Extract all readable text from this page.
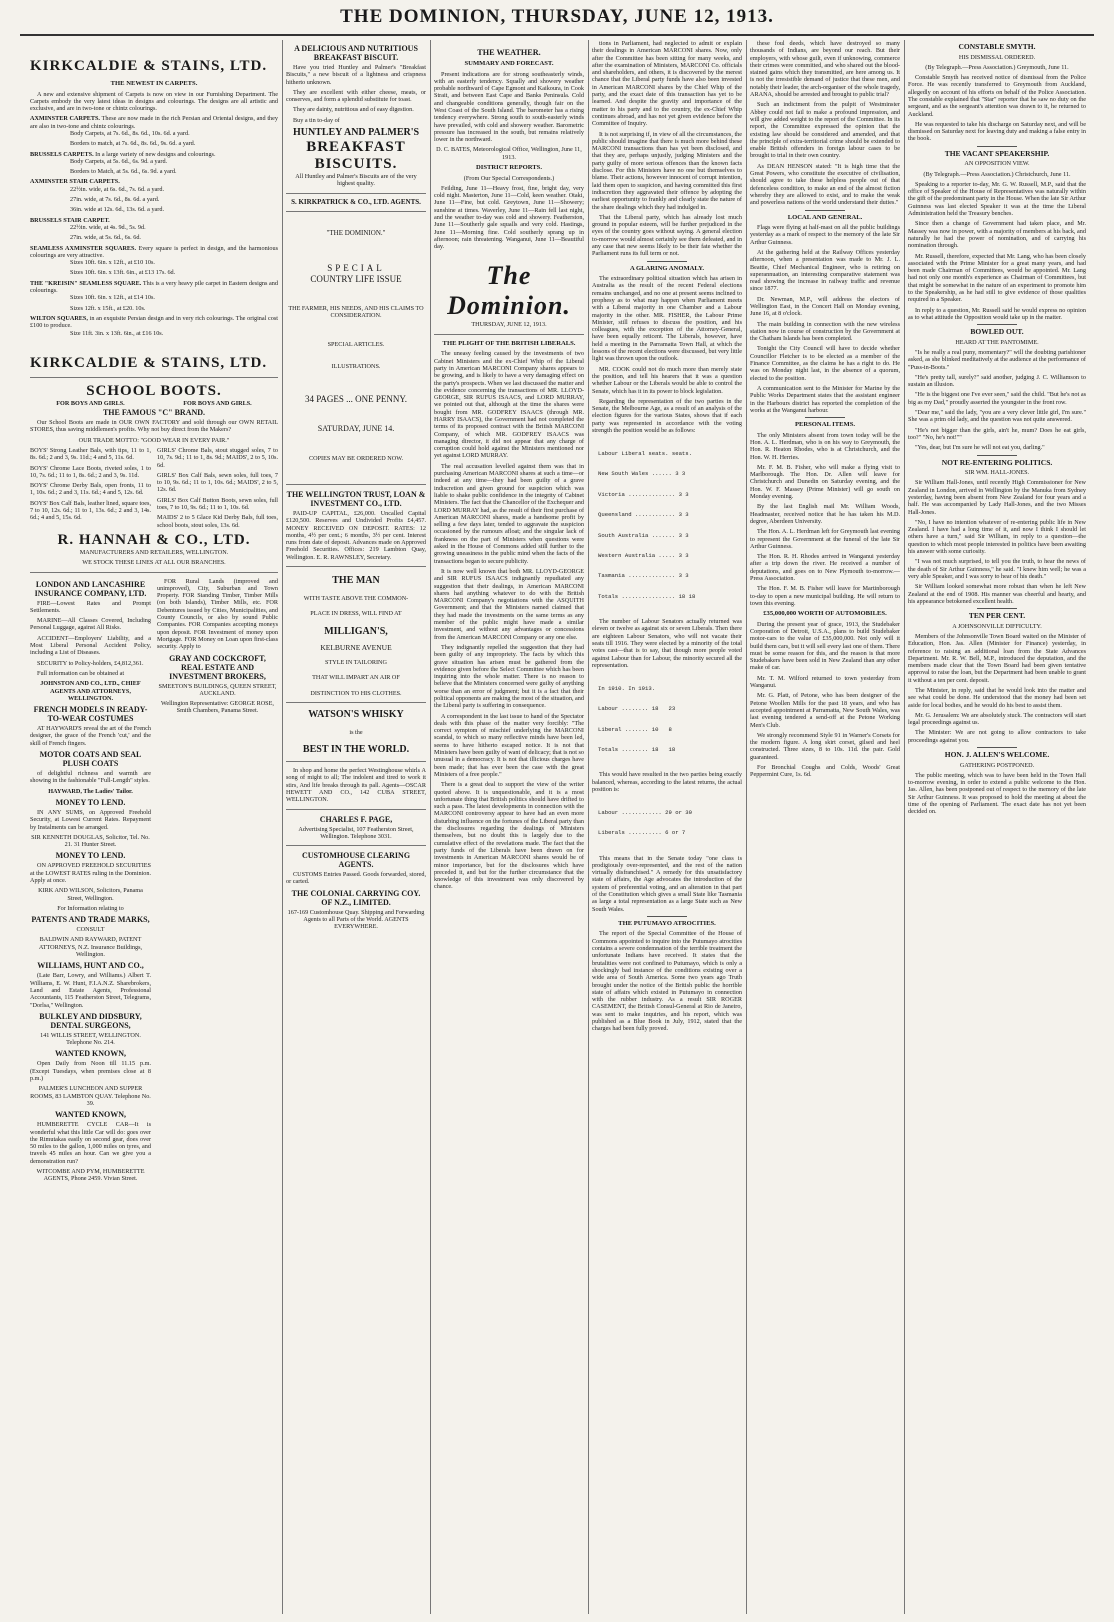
THE DOMINION, THURSDAY, JUNE 12, 1913.
KIRKCALDIE & STAINS, LTD.
THE NEWEST IN CARPETS.

A new and extensive shipment of Carpets is now on view in our Furnishing Department. The Carpets embody the very latest ideas in designs and colourings. The designs are all artistic and exclusive, and are in two-tone or chintz colourings.

AXMINSTER CARPETS. These are now made in the rich Persian and Oriental designs, and they are also in two-tone and chintz colourings.

Body Carpets, at 7s. 6d., 8s. 6d., 10s. 6d. a yard.

Borders to match, at 7s. 6d., 8s. 6d., 9s. 6d. a yard.

BRUSSELS CARPETS. In a large variety of new designs and colourings.

Body Carpets, at 5s. 6d., 6s. 9d. a yard.

Borders to Match, at 5s. 6d., 6s. 9d. a yard.

AXMINSTER STAIR CARPETS.

22½in. wide, at 6s. 6d., 7s. 6d. a yard.

27in. wide, at 7s. 6d., 8s. 6d. a yard.

36in. wide at 12s. 6d., 13s. 6d. a yard.

BRUSSELS STAIR CARPET.

22½in. wide, at 4s. 9d., 5s. 9d.

27in. wide, at 5s. 6d., 6s. 6d.

SEAMLESS AXMINSTER SQUARES. Every square is perfect in design, and the harmonious colourings are very attractive.

Sizes 10ft. 6in. x 12ft., at £10 10s.

Sizes 10ft. 6in. x 13ft. 6in., at £13 17s. 6d.

THE "KREISIN" SEAMLESS SQUARE. This is a very heavy pile carpet in Eastern designs and colourings.

Sizes 10ft. 6in. x 12ft., at £14 10s.

Sizes 12ft. x 15ft., at £20. 10s.

WILTON SQUARES, in an exquisite Persian design and in very rich colourings. The original cost £100 to produce.

Size 11ft. 3in. x 13ft. 6in., at £16 10s.

KIRKCALDIE & STAINS, LTD.
SCHOOL BOOTS.
FOR BOYS AND GIRLS.	FOR BOYS AND GIRLS.
THE FAMOUS "C" BRAND.

Our School Boots are made in OUR OWN FACTORY and sold through our OWN RETAIL STORES, thus saving middlemen's profits. Why not buy direct from the Makers?

OUR TRADE MOTTO: "GOOD WEAR IN EVERY PAIR."

BOYS' Strong Leather Bals, with tips, 11 to 1, 8s. 6d.; 2 and 3, 9s. 11d.; 4 and 5, 11s. 6d.

BOYS' Chrome Lace Boots, riveted soles, 1 to 10, 7s. 6d.; 11 to 1, 8s. 6d.; 2 and 3, 9s. 11d.

BOYS' Chrome Derby Bals, open fronts, 11 to 1, 10s. 6d.; 2 and 3, 11s. 6d.; 4 and 5, 12s. 6d.

BOYS' Box Calf Bals, leather lined, square toes, 7 to 10, 12s. 6d.; 11 to 1, 13s. 6d.; 2 and 3, 14s. 6d.; 4 and 5, 15s. 6d.

GIRLS' Chrome Bals, stout stugged soles, 7 to 10, 7s. 9d.; 11 to 1, 8s. 9d.; MAIDS', 2 to 5, 10s. 6d.

GIRLS' Box Calf Bals, sewn soles, full toes, 7 to 10, 9s. 6d.; 11 to 1, 10s. 6d.; MAIDS', 2 to 5, 12s. 6d.

GIRLS' Box Calf Button Boots, sewn soles, full toes, 7 to 10, 9s. 6d.; 11 to 1, 10s. 6d.

MAIDS' 2 to 5 Glace Kid Derby Bals, full toes, school boots, stout soles, 13s. 6d.

R. HANNAH & CO., LTD.

MANUFACTURERS AND RETAILERS, WELLINGTON.

WE STOCK THESE LINES AT ALL OUR BRANCHES.

LONDON AND LANCASHIRE INSURANCE COMPANY, LTD.

FIRE—Lowest Rates and Prompt Settlements.

MARINE—All Classes Covered, Including Personal Luggage, against All Risks.

ACCIDENT—Employers' Liability, and a Most Liberal Personal Accident Policy, including a List of Diseases.

SECURITY to Policy-holders, £4,812,361.

Full information can be obtained at

JOHNSTON AND CO., LTD., CHIEF AGENTS AND ATTORNEYS, WELLINGTON.

FRENCH MODELS IN READY-TO-WEAR COSTUMES

AT HAYWARD'S reveal the art of the French designer, the grace of the French 'cut,' and the skill of French fingers.

MOTOR COATS AND SEAL PLUSH COATS

of delightful richness and warmth are showing in the fashionable "Full-Length" styles.

HAYWARD, The Ladies' Tailor.

MONEY TO LEND.

IN ANY SUMS, on Approved Freehold Security, at Lowest Current Rates. Repayment by Instalments can be arranged.

SIR KENNETH DOUGLAS, Solicitor, Tel. No. 21. 31 Hunter Street.

MONEY TO LEND.

ON APPROVED FREEHOLD SECURITIES at the LOWEST RATES ruling in the Dominion. Apply at once.

KIRK AND WILSON, Solicitors, Panama Street, Wellington.

For Information relating to

PATENTS AND TRADE MARKS,

CONSULT

BALDWIN AND RAYWARD, PATENT ATTORNEYS, N.Z. Insurance Buildings, Wellington.

WILLIAMS, HUNT AND CO.,

(Late Barr, Lowry, and Williams.) Albert T. Williams, E. W. Hunt, F.I.A.N.Z. Sharebrokers, Land and Estate Agents, Professional Accountants, 115 Featherston Street, Telegrams, "Dorlsa," Wellington.

BULKLEY AND DIDSBURY, DENTAL SURGEONS,

141 WILLIS STREET, WELLINGTON. Telephone No. 214.

WANTED KNOWN,

Open Daily from Noon till 11.15 p.m. (Except Tuesdays, when premises close at 8 p.m.)

PALMER'S LUNCHEON AND SUPPER ROOMS, 83 LAMBTON QUAY. Telephone No. 39.

WANTED KNOWN,

HUMBERETTE CYCLE CAR—It is wonderful what this little Car will do: goes over the Rimutakas easily on second gear, does over 50 miles to the gallon, 1,000 miles on tyres, and travels 45 miles an hour. Can we give you a demonstration run?

WITCOMBE AND PYM, HUMBERETTE AGENTS, Phone 2459. Vivian Street.

FOR Rural Lands (improved and unimproved), City, Suburban and Town Property. FOR Standing Timber, Timber Mills (on both Islands), Timber Mills, etc. FOR Debentures issued by Cities, Municipalities, and County Councils, or also by sound Public Companies. FOR Companies accepting moneys upon deposit. FOR Investment of money upon Mortgage. FOR Money on Loan upon first-class security. Apply to

GRAY AND COCKCROFT, REAL ESTATE AND INVESTMENT BROKERS,

SMEETON'S BUILDINGS, QUEEN STREET, AUCKLAND.

Wellington Representative: GEORGE ROSE, Smith Chambers, Panama Street.

A DELICIOUS AND NUTRITIOUS BREAKFAST BISCUIT.

Have you tried Huntley and Palmer's "Breakfast Biscuits," a new biscuit of a lightness and crispness hitherto unknown.

They are excellent with either cheese, meats, or conserves, and form a splendid substitute for toast.

They are dainty, nutritious and of easy digestion.

Buy a tin to-day of

HUNTLEY AND PALMER'S
BREAKFAST BISCUITS.

All Huntley and Palmer's Biscuits are of the very highest quality.

S. KIRKPATRICK & CO., LTD. AGENTS.

"THE DOMINION."

SPECIAL

COUNTRY LIFE ISSUE

THE FARMER, HIS NEEDS, AND HIS CLAIMS TO CONSIDERATION.

SPECIAL ARTICLES.

ILLUSTRATIONS.

34 PAGES ... ONE PENNY.

SATURDAY, JUNE 14.

COPIES MAY BE ORDERED NOW.

THE WELLINGTON TRUST, LOAN & INVESTMENT CO., LTD.

PAID-UP CAPITAL, £26,000. Uncalled Capital £120,500. Reserves and Undivided Profits £4,457. MONEY RECEIVED ON DEPOSIT. RATES: 12 months, 4½ per cent.; 6 months, 3½ per cent. Interest runs from date of deposit. Advances made on Approved Freehold Securities. Offices: 219 Lambton Quay, Wellington. E. R. RAWNSLEY, Secretary.

THE MAN

WITH TASTE ABOVE THE COMMON-

PLACE IN DRESS, WILL FIND AT

MILLIGAN'S,

KELBURNE AVENUE

STYLE IN TAILORING

THAT WILL IMPART AN AIR OF

DISTINCTION TO HIS CLOTHES.

WATSON'S WHISKY

is the

BEST IN THE WORLD.

In shop and home the perfect Westinghouse whirls A song of might to all; The indolent and tired to work it stirs, And life breaks through its pall. Agents—OSCAR HEWETT AND CO., 142 CUBA STREET, WELLINGTON.

CHARLES F. PAGE,

Advertising Specialist, 107 Featherston Street, Wellington. Telephone 3031.

CUSTOMHOUSE CLEARING AGENTS.

CUSTOMS Entries Passed. Goods forwarded, stored, or carted.

THE COLONIAL CARRYING COY. OF N.Z., LIMITED.

167-169 Customhouse Quay. Shipping and Forwarding Agents to all Parts of the World. AGENTS EVERYWHERE.

THE WEATHER.
SUMMARY AND FORECAST.

Present indications are for strong southeasterly winds, with an easterly tendency. Squally and showery weather probable northward of Cape Egmont and Kaikoura, in Cook Strait, and between East Cape and Banks Peninsula. Cold and changeable conditions generally, though fair on the West Coast of the South Island. The barometer has a rising tendency everywhere. Strong south to south-easterly winds have prevailed, with cold and showery weather. Barometric pressure has increased in the south, but remains relatively lower in the northward.

D. C. BATES, Meteorological Office, Wellington, June 11, 1913.

DISTRICT REPORTS.

(From Our Special Correspondents.)

Feilding, June 11—Heavy frost, fine, bright day, very cold night. Masterton, June 11—Cold, keen weather. Otaki, June 11—Fine, but cold. Greytown, June 11—Showery; sunshine at times. Waverley, June 11—Rain fell last night, and the weather to-day was cold and showery. Featherston, June 11—Southerly gale squalls and very cold. Hastings, June 11—Morning fine. Cold southerly sprang up in afternoon; rain threatening. Wanganui, June 11—Beautiful day.

The Dominion.

THURSDAY, JUNE 12, 1913.

THE PLIGHT OF THE BRITISH LIBERALS.

The uneasy feeling caused by the investments of two Cabinet Ministers and the ex-Chief Whip of the Liberal party in American MARCONI Company shares appears to be growing, and is likely to have a very damaging effect on the party's prospects. When we last discussed the matter and the evidence concerning the transactions of MR. LLOYD-GEORGE, SIR RUFUS ISAACS, and LORD MURRAY, we pointed out that, although at the time the shares were bought from MR. GODFREY ISAACS (through MR. HARRY ISAACS), the Government had not completed the terms of its proposed contract with the British MARCONI Company, of which MR. GODFREY ISAACS was managing director, it did not appear that any charge of corruption could hold against the Ministers mentioned nor yet against LORD MURRAY.

The real accusation levelled against them was that in purchasing American MARCONI shares at such a time—or indeed at any time—they had been guilty of a grave indiscretion and given ground for suspicion which was liable to shake public confidence in the integrity of Cabinet Ministers. The fact that the Chancellor of the Exchequer and LORD MURRAY had, as the result of their first purchase of American MARCONI shares, made a handsome profit by selling a few days later, tended to aggravate the suspicion occasioned by the rumours afloat; and the singular lack of frankness on the part of Ministers when questions were asked in the House of Commons added still further to the growing uneasiness in the public mind when the facts of the transactions began to secure publicity.

It is now well known that both MR. LLOYD-GEORGE and SIR RUFUS ISAACS indignantly repudiated any suggestion that their dealings, in American MARCONI shares had anything whatever to do with the British MARCONI Company's negotiations with the ASQUITH Government; and that the Ministers named claimed that they had made the investments on the same terms as any member of the public might have made a similar investment, and without any advantages or concessions from the American MARCONI Company or any one else.

They indignantly repelled the suggestion that they had been guilty of any impropriety. The facts by which this grave situation has arisen must be gathered from the evidence given before the Select Committee which has been inquiring into the whole matter. There is no reason to believe that the Ministers concerned were guilty of anything worse than an error of judgment; but it is a fact that their political opponents are making the most of the situation, and the Liberal party is suffering in consequence.

A correspondent in the last issue to hand of the Spectator deals with this phase of the matter very forcibly: "The correct symptom of mischief underlying the MARCONI scandal, to which so many reflective minds have been led, seems to have hitherto escaped notice. It is not that Ministers have been guilty of want of delicacy; that is not so unusual in a democracy. It is not that illicious charges have been made; that has ever been the case with the great Ministers of a free people."

There is a great deal to support the view of the writer quoted above. It is unquestionable, and it is a most unfortunate thing that British politics should have drifted to such a pass. The latest developments in connection with the MARCONI controversy appear to have had an even more disturbing influence on the fortunes of the Liberal party than the disclosures regarding the dealings of Ministers themselves, but no doubt this is largely due to the cumulative effect of the revelations made. The fact that the party funds of the Liberals have been drawn on for investments in American MARCONI shares would be of minor importance, but for the disclosures which have preceded it, and but for the further circumstance that the knowledge of this investment was only discovered by chance.

tions in Parliament, had neglected to admit or explain their dealings in American MARCONI shares. Now, only after the Committee has been sitting for many weeks, and after the examination of Ministers, MARCONI Co. officials and shareholders, and others, it is discovered by the merest chance that the Liberal party funds have also been invested in American MARCONI shares by the Chief Whip of the party, and the exact date of this transaction has yet to be learned. And despite the gravity and importance of the matter to his party and to the country, the ex-Chief Whip continues abroad, and has not yet given evidence before the Committee of Inquiry.

It is not surprising if, in view of all the circumstances, the public should imagine that there is much more behind these MARCONI transactions than has yet been disclosed, and that they are, perhaps unjustly, judging Ministers and the party guilty of more serious offences than the known facts disclose. For this Ministers have no one but themselves to blame. Their actions, however innocent of corrupt intention, laid them open to suspicion, and having committed this first indiscretion they aggravated their offence by adopting the earliest opportunity to frankly and clearly state the nature of the share dealings which they had indulged in.

That the Liberal party, which has already lost much ground in popular esteem, will be further prejudiced in the eyes of the country goes without saying. A general election to-morrow would almost certainly see them defeated, and in any case that new seems likely to be their fate whether the Parliament runs its full term or not.

A GLARING ANOMALY.

The extraordinary political situation which has arisen in Australia as the result of the recent Federal elections remains unchanged, and no one at present seems inclined to prophesy as to what may happen when Parliament meets with a Liberal majority in one Chamber and a Labour majority in the other. MR. FISHER, the Labour Prime Minister, still refuses to discuss the position, and his colleagues, with the exception of the Attorney-General, have been equally reticent. The Liberals, however, have held a meeting in the Parramatta Town Hall, at which the lessons of the recent elections were discussed, but very little light was thrown upon the outlook.

MR. COOK could not do much more than merely state the position, and tell his hearers that it was a question whether Labour or the Liberals would be able to control the Senate, which has it in its power to block legislation.

Regarding the representation of the two parties in the Senate, the Melbourne Age, as a result of an analysis of the election figures for the various States, shows that if each party was represented in accordance with the voting strength the position would be as follows:

Labour Liberal seats. seats.

New South Wales ...... 3 3

Victoria .............. 3 3

Queensland ............ 3 3

South Australia ....... 3 3

Western Australia ..... 3 3

Tasmania .............. 3 3

Totals ................ 18 18

The number of Labour Senators actually returned was eleven or twelve as against six or seven Liberals. Then there are eighteen Labour Senators, who will not vacate their seats till 1916. They were elected by a minority of the total votes cast—that is to say, that though more people voted against Labour than for Labour, the minority secured all the representation.

In 1910. In 1913.

Labour ........ 18   23

Liberal ....... 10   8

Totals ........ 18   18

This would have resulted in the two parties being exactly balanced, whereas, according to the latest returns, the actual position is:

Labour ............ 29 or 30

Liberals .......... 6 or 7

This means that in the Senate today "one class is prodigiously over-represented, and the rest of the nation virtually disfranchised." A remedy for this unsatisfactory state of affairs, the Age advocates the introduction of the system of preferential voting, and an alteration in that part of the Constitution which gives a small State like Tasmania as large a total representation as a large State such as New South Wales.

THE PUTUMAYO ATROCITIES.

The report of the Special Committee of the House of Commons appointed to inquire into the Putumayo atrocities contains a severe condemnation of the terrible treatment the unfortunate Indians have received. It states that the brutalities were not confined to Putumayo, which is only a shockingly bad instance of the conditions existing over a wide area of South America. Some two years ago Truth brought under the notice of the British public the horrible state of affairs which existed in Putumayo in connection with the rubber industry. As a result SIR ROGER CASEMENT, the British Consul-General at Rio de Janeiro, was sent to make inquiries, and his report, which was published as a Blue Book in July, 1912, stated that the charges had been fully proved.

these foul deeds, which have destroyed so many thousands of Indians, are beyond our reach. But their employers, with whose guilt, even if unknowing, commerce their crimes were committed, and who shared out the blood-stained gains which they transmitted, are here among us. It is not the irresistible demand of justice that these men, and notably their leader, the arch-organiser of the whole tragedy, ARANA, should be arrested and brought to public trial?

Such an indictment from the pulpit of Westminster Abbey could not fail to make a profound impression, and will give added weight to the report of the Committee. In its report, the Committee expressed the opinion that the existing law should be considered and amended, and that the principle of extra-territorial crime should be extended to enable British offenders in foreign labour cases to be brought to trial in their own country.

As DEAN HENSON stated: "It is high time that the Great Powers, who constitute the executive of civilisation, should agree to take these helpless people out of that defenceless condition, to make an end of the almost fiction whereby they are allowed to exist, and to make the weak and powerless nations of the world understand their duties."

LOCAL AND GENERAL.

Flags were flying at half-mast on all the public buildings yesterday as a mark of respect to the memory of the late Sir Arthur Guinness.

At the gathering held at the Railway Offices yesterday afternoon, when a presentation was made to Mr. J. L. Beattie, Chief Mechanical Engineer, who is retiring on superannuation, an interesting comparative statement was read showing the increase in railway traffic and revenue since 1877.

Dr. Newman, M.P., will address the electors of Wellington East, in the Concert Hall on Monday evening, June 16, at 8 o'clock.

The main building in connection with the new wireless station now in course of construction by the Government at the Chatham Islands has been completed.

Tonight the City Council will have to decide whether Councillor Fletcher is to be elected as a member of the Finance Committee, as the claims he has a right to do. He was on Monday night last, in the absence of a quorum, elected to the position.

A communication sent to the Minister for Marine by the Public Works Department states that the assistant engineer in the Harbours district has reported the completion of the works at the Wanganui harbour.

PERSONAL ITEMS.

The only Ministers absent from town today will be the Hon. A. L. Herdman, who is on his way to Greymouth, the Hon. R. Heaton Rhodes, who is at Christchurch, and the Hon. W. H. Herries.

Mr. F. M. B. Fisher, who will make a flying visit to Marlborough. The Hon. Dr. Allen will leave for Christchurch and Dunedin on Saturday evening, and the Hon. W. F. Massey (Prime Minister) will go south on Monday evening.

By the last English mail Mr. William Woods, Headmaster, received notice that he has taken his M.D. degree, Aberdeen University.

The Hon. A. L. Herdman left for Greymouth last evening to represent the Government at the funeral of the late Sir Arthur Guinness.

The Hon. R. H. Rhodes arrived in Wanganui yesterday after a trip down the river. He received a number of deputations, and goes on to New Plymouth to-morrow.—Press Association.

The Hon. F. M. B. Fisher will leave for Martinborough to-day to open a new municipal building. He will return to town this evening.

£35,000,000 WORTH OF AUTOMOBILES.

During the present year of grace, 1913, the Studebaker Corporation of Detroit, U.S.A., plans to build Studebaker motor-cars to the value of £35,000,000. Not only will it build them cars, but it will sell every last one of them. There must be some reason for this, and the reason is that more Studebakers have been sold in New Zealand than any other make of car.

Mr. T. M. Wilford returned to town yesterday from Wanganui.

Mr. G. Platt, of Petone, who has been designer of the Petone Woollen Mills for the past 18 years, and who has accepted appointment at Parramatta, New South Wales, was last evening tendered a send-off at the Petone Working Men's Club.

We strongly recommend Style 91 in Warner's Corsets for the modern figure. A long skirt corset, gilsed and heel constructed. Three sizes, 8 to 10s. 11d. the pair. Gold guaranteed.

For Bronchial Coughs and Colds, Woods' Great Peppermint Cure, 1s. 6d.

CONSTABLE SMYTH.

HIS DISMISSAL ORDERED.

(By Telegraph.—Press Association.) Greymouth, June 11.

Constable Smyth has received notice of dismissal from the Police Force. He was recently transferred to Greymouth from Auckland, allegedly on account of his efforts on behalf of the Police Association. The constable explained that "Star" reporter that he saw no duty on the sergeant, and as the sergeant's attention was drawn to it, he returned to Auckland.

He was requested to take his discharge on Saturday next, and will be dismissed on Saturday next for leaving duty and making a false entry in the book.

THE VACANT SPEAKERSHIP.

AN OPPOSITION VIEW.

(By Telegraph.—Press Association.) Christchurch, June 11.

Speaking to a reporter to-day, Mr. G. W. Russell, M.P., said that the office of Speaker of the House of Representatives was naturally within the gift of the predominant party in the House. When the late Sir Arthur Guinness was last elected Speaker it was at the time the Liberal Administration held the Treasury benches.

Since then a change of Government had taken place, and Mr. Massey was now in power, with a majority of members at his back, and naturally he had the power of nomination, and of carrying his nomination through.

Mr. Russell, therefore, expected that Mr. Lang, who has been closely associated with the Prime Minister for a great many years, and had been made Chairman of Committees, would be appointed. Mr. Lang had not only one month's experience as Chairman of Committees, but that might be somewhat in the nature of an experiment to promote him to the Speakership, as he had still to give evidence of those qualities required in a Speaker.

In reply to a question, Mr. Russell said he would express no opinion as to what attitude the Opposition would take up in the matter.

BOWLED OUT.

HEARD AT THE PANTOMIME.

"Is he really a real puny, momentary?" will the doubting parishioner asked, as she blinked meditatively at the audience at the performance of "Puss-in-Boots."

"He's pretty tall, surely?" said another, judging J. C. Williamson to sustain an illusion.

"He is the biggest one I've ever seen," said the child. "But he's not as big as my Dad," proudly asserted the youngster in the front row.

"Dear me," said the lady, "you are a very clever little girl, I'm sure." She was a prim old lady, and the question was not quite answered.

"He's not bigger than the girls, ain't he, mum? Does he eat girls, too?" "No, he's not!""

"Yes, dear, but I'm sure he will not eat you, darling."

NOT RE-ENTERING POLITICS.

SIR WM. HALL-JONES.

Sir William Hall-Jones, until recently High Commissioner for New Zealand in London, arrived in Wellington by the Manuka from Sydney yesterday, having been absent from New Zealand for four years and a half. He was accompanied by Lady Hall-Jones, and the two Misses Hall-Jones.

"No, I have no intention whatever of re-entering public life in New Zealand. I have had a long time of it, and now I think I should let others have a turn," said Sir William, in reply to a question—the question to which most people interested in politics have been awaiting his answer with some curiosity.

"I was not much surprised, to tell you the truth, to hear the news of the death of Sir Arthur Guinness," he said. "I knew him well; he was a very able Speaker, and I was sorry to hear of his death."

Sir William looked somewhat more robust than when he left New Zealand at the end of 1908. His manner was cheerful and hearty, and his appearance betokened excellent health.

TEN PER CENT.

A JOHNSONVILLE DIFFICULTY.

Members of the Johnsonville Town Board waited on the Minister of Education, Hon. Jas. Allen (Minister for Finance) yesterday, in reference to raising an additional loan from the State Advances Department. Mr. R. W. Bell, M.P., introduced the deputation, and the members made clear that the Town Board had been given tentative approval to raise the loan, but the Department had been unable to grant it without a ten per cent. deposit.

The Minister, in reply, said that he would look into the matter and see what could be done. He understood that the money had been set aside for local bodies, and he would do his best to assist them.

Mr. G. Jerusalem: We are absolutely stuck. The contractors will start legal proceedings against us.

The Minister: We are not going to allow contractors to take proceedings against you.

HON. J. ALLEN'S WELCOME.

GATHERING POSTPONED.

The public meeting, which was to have been held in the Town Hall to-morrow evening, in order to extend a public welcome to the Hon. Jas. Allen, has been postponed out of respect to the memory of the late Sir Arthur Guinness. It was proposed to hold the meeting at about the time of the opening of Parliament. The exact date has not yet been decided on.
